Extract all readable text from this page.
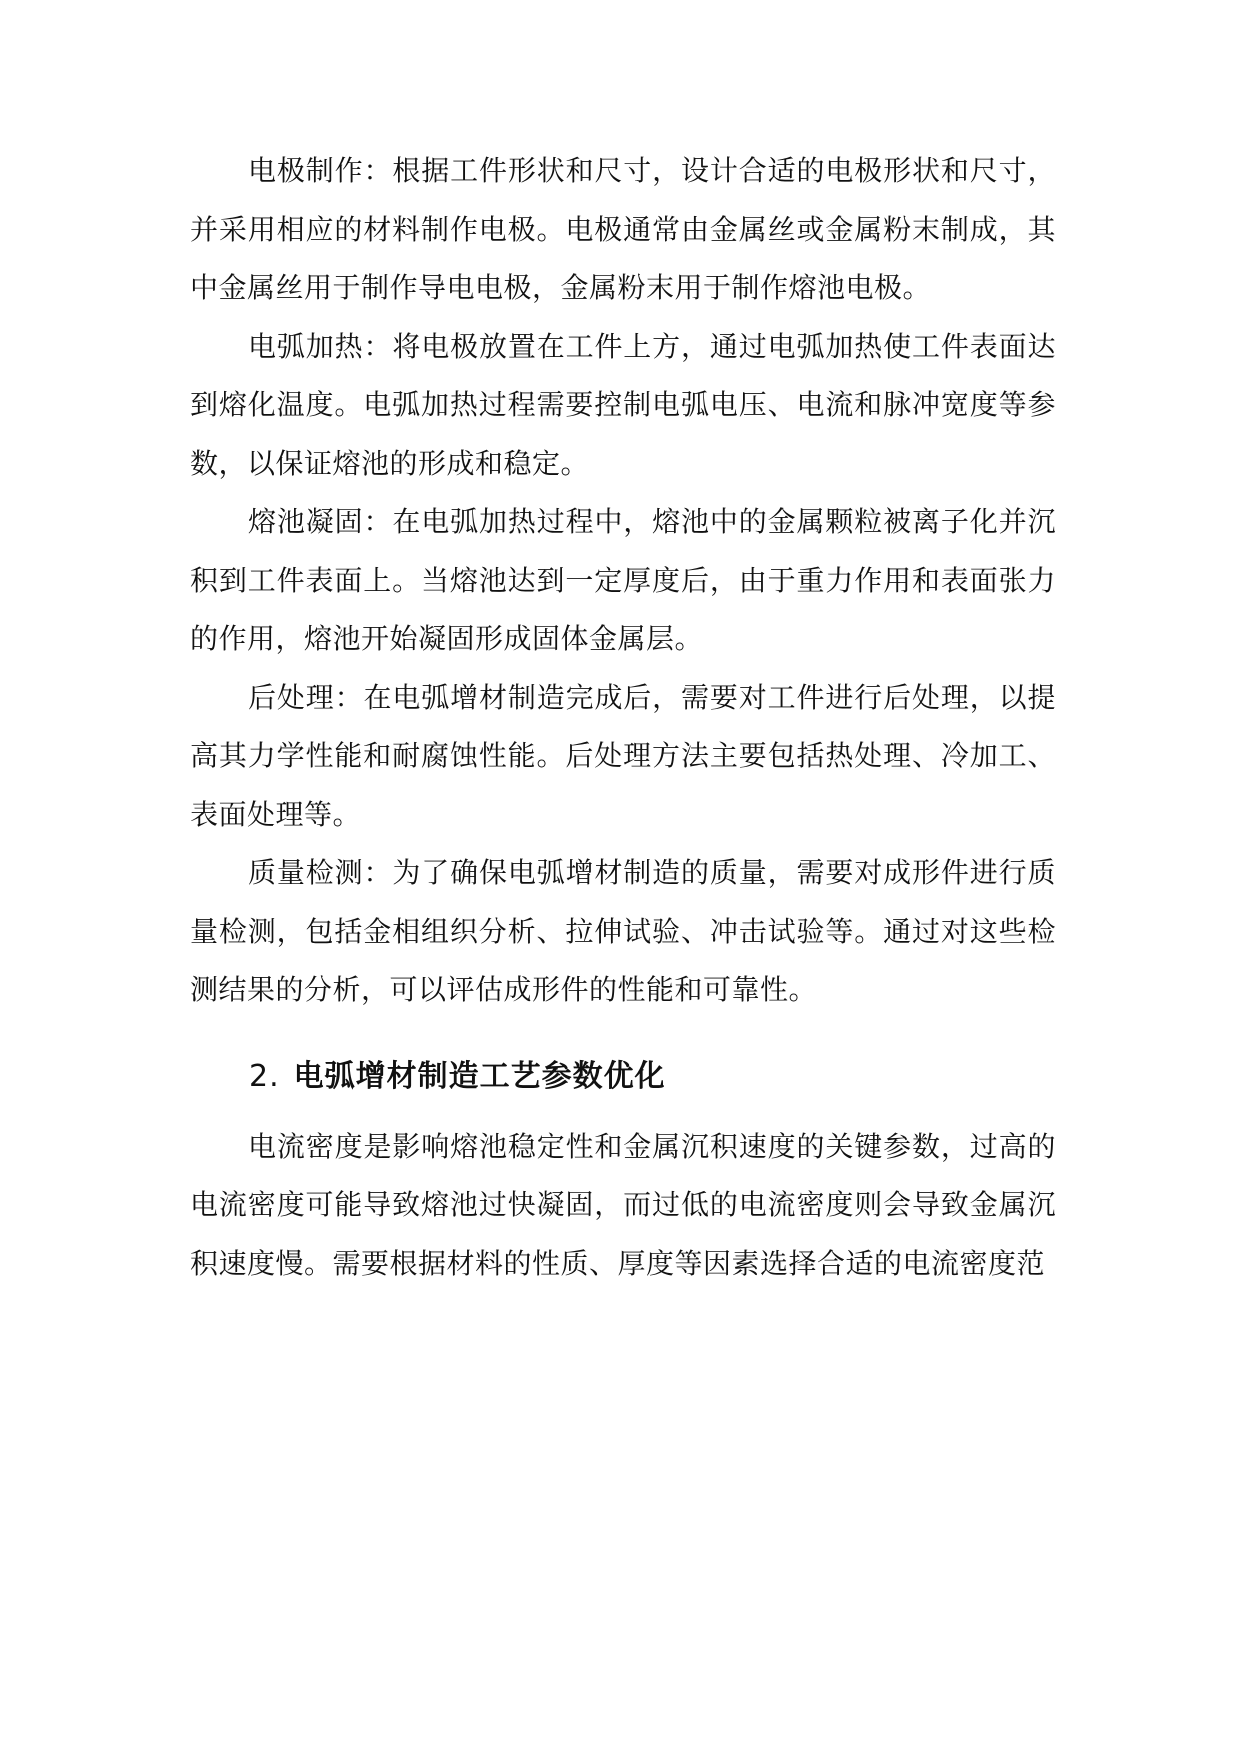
电极制作：根据工件形状和尺寸，设计合适的电极形状和尺寸，并采用相应的材料制作电极。电极通常由金属丝或金属粉末制成，其中金属丝用于制作导电电极，金属粉末用于制作熔池电极。

电弧加热：将电极放置在工件上方，通过电弧加热使工件表面达到熔化温度。电弧加热过程需要控制电弧电压、电流和脉冲宽度等参数，以保证熔池的形成和稳定。

熔池凝固：在电弧加热过程中，熔池中的金属颗粒被离子化并沉积到工件表面上。当熔池达到一定厚度后，由于重力作用和表面张力的作用，熔池开始凝固形成固体金属层。

后处理：在电弧增材制造完成后，需要对工件进行后处理，以提高其力学性能和耐腐蚀性能。后处理方法主要包括热处理、冷加工、表面处理等。

质量检测：为了确保电弧增材制造的质量，需要对成形件进行质量检测，包括金相组织分析、拉伸试验、冲击试验等。通过对这些检测结果的分析，可以评估成形件的性能和可靠性。

2. 电弧增材制造工艺参数优化

电流密度是影响熔池稳定性和金属沉积速度的关键参数，过高的电流密度可能导致熔池过快凝固，而过低的电流密度则会导致金属沉积速度慢。需要根据材料的性质、厚度等因素选择合适的电流密度范
